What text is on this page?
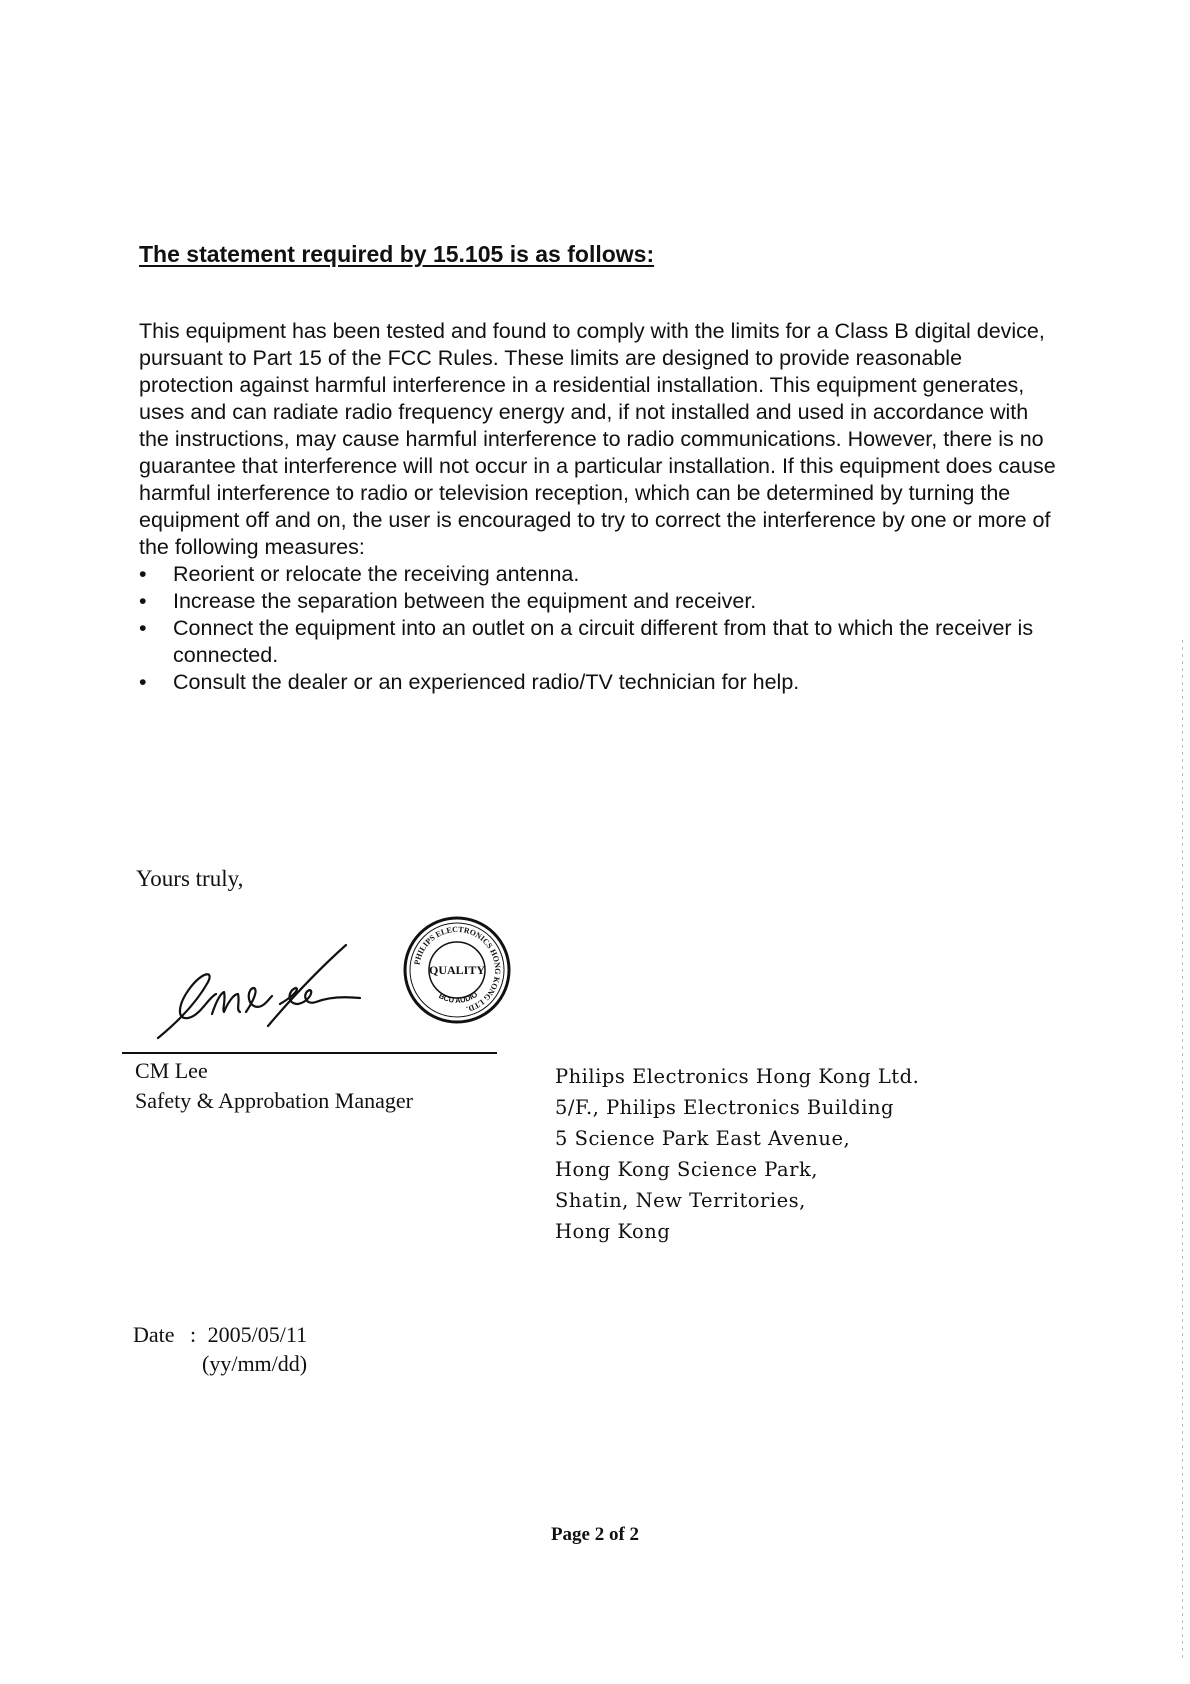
The statement required by 15.105 is as follows:

This equipment has been tested and found to comply with the limits for a Class B digital device, pursuant to Part 15 of the FCC Rules. These limits are designed to provide reasonable protection against harmful interference in a residential installation. This equipment generates, uses and can radiate radio frequency energy and, if not installed and used in accordance with the instructions, may cause harmful interference to radio communications. However, there is no guarantee that interference will not occur in a particular installation. If this equipment does cause harmful interference to radio or television reception, which can be determined by turning the equipment off and on, the user is encouraged to try to correct the interference by one or more of the following measures:

• Reorient or relocate the receiving antenna.
• Increase the separation between the equipment and receiver.
• Connect the equipment into an outlet on a circuit different from that to which the receiver is connected.
• Consult the dealer or an experienced radio/TV technician for help.
Yours truly,
PHILIPS ELECTRONICS HONG KONG LTD.
QUALITY
BCU AUDIO
CM Lee
Safety & Approbation Manager
Philips Electronics Hong Kong Ltd.
5/F., Philips Electronics Building
5 Science Park East Avenue,
Hong Kong Science Park,
Shatin, New Territories,
Hong Kong
Date : 2005/05/11
(yy/mm/dd)
Page 2 of 2
